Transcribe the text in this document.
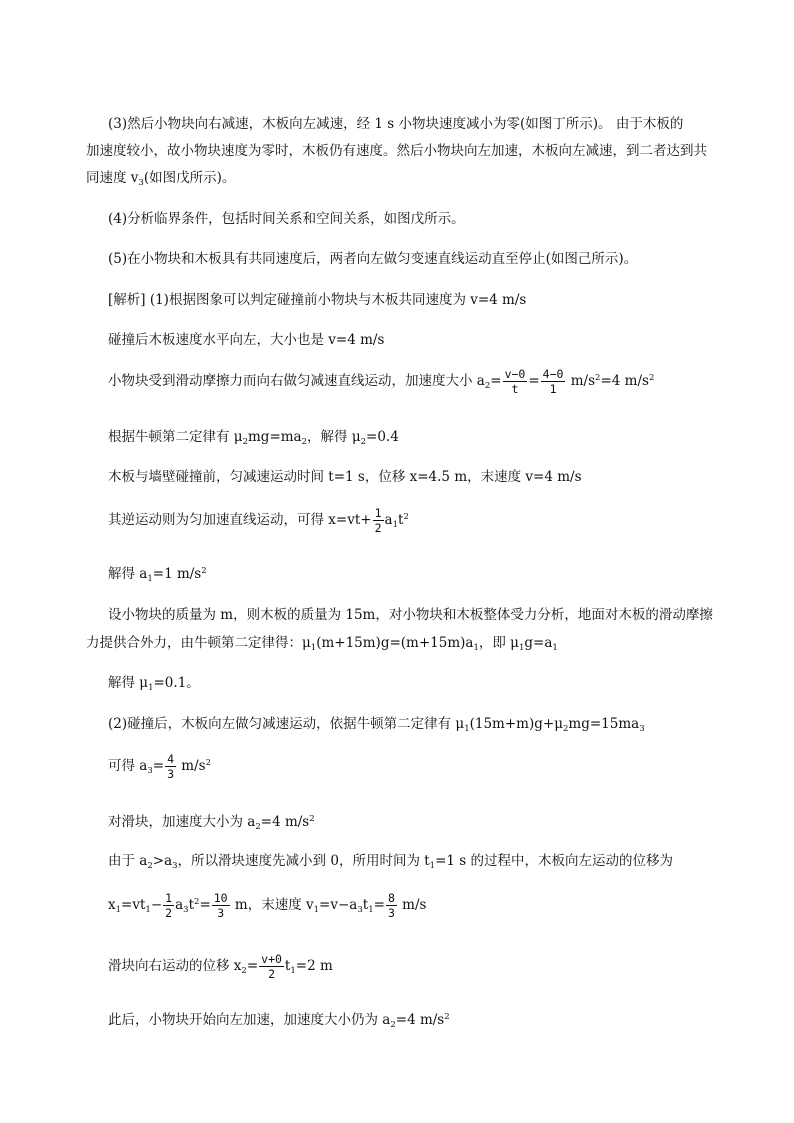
(3)然后小物块向右减速，木板向左减速，经 1 s 小物块速度减小为零(如图丁所示)。 由于木板的
加速度较小，故小物块速度为零时，木板仍有速度。然后小物块向左加速，木板向左减速，到二者达到共
同速度 $v_3$(如图戊所示)。
(4)分析临界条件，包括时间关系和空间关系，如图戊所示。
(5)在小物块和木板具有共同速度后，两者向左做匀变速直线运动直至停止(如图己所示)。
[解析] (1)根据图象可以判定碰撞前小物块与木板共同速度为 v=4 m/s
碰撞后木板速度水平向左，大小也是 v=4 m/s
小物块受到滑动摩擦力而向右做匀减速直线运动，加速度大小 $a_2= \frac{v-0}{t} = \frac{4-0}{1} m/s^2=4$ $m/s^2$
根据牛顿第二定律有 $\mu_2mg=ma_2$，解得 $\mu_2=0.4$
木板与墙壁碰撞前，匀减速运动时间 t=1 s，位移 x=4.5 m，末速度 v=4 m/s
其逆运动则为匀加速直线运动，可得 $x=vt+ \frac{1}{2} a_1t^2$
解得 $a_1=1$ $m/s^2$
设小物块的质量为 m，则木板的质量为 15m，对小物块和木板整体受力分析，地面对木板的滑动摩擦
力提供合外力，由牛顿第二定律得：$\mu_1(m+15m)g=(m+15m)a_1$，即 $\mu_1g=a_1$
解得 $\mu_1=0.1$。
(2)碰撞后，木板向左做匀减速运动，依据牛顿第二定律有 $\mu_1(15m+m)g+\mu_2mg=15ma_3$
可得 $a_3= \frac{4}{3} m/s^2$
对滑块，加速度大小为 $a_2=4$ $m/s^2$
由于 $a_2>a_3$，所以滑块速度先减小到 0，所用时间为 $t_1=1$ s 的过程中，木板向左运动的位移为
$x_1=vt_1- \frac{1}{2} a_3t^2= \frac{10}{3}$ m，末速度 $v_1=v-a_3t_1= \frac{8}{3} m/s$
滑块向右运动的位移 $x_2= \frac{v+0}{2} t_1=2$ m
此后，小物块开始向左加速，加速度大小仍为 $a_2=4$ $m/s^2$
